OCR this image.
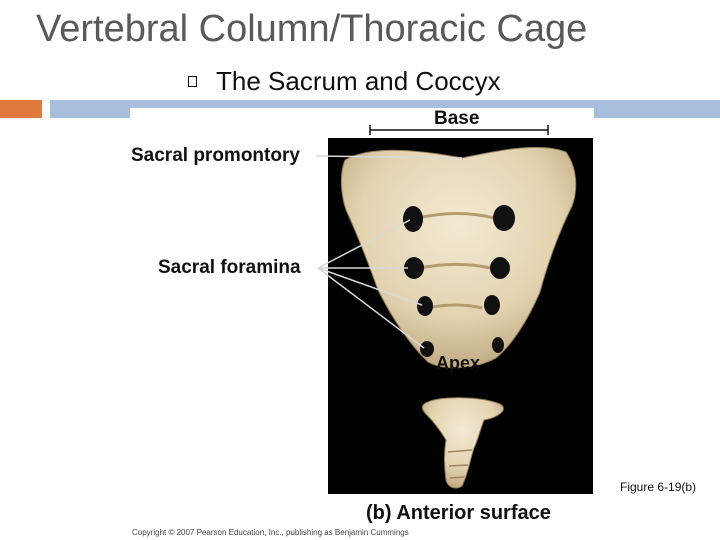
Vertebral Column/Thoracic Cage
The Sacrum and Coccyx
Base
Sacral promontory
Sacral foramina
Apex
(b) Anterior surface
Figure 6-19(b)
Copyright © 2007 Pearson Education, Inc., publishing as Benjamin Cummings
